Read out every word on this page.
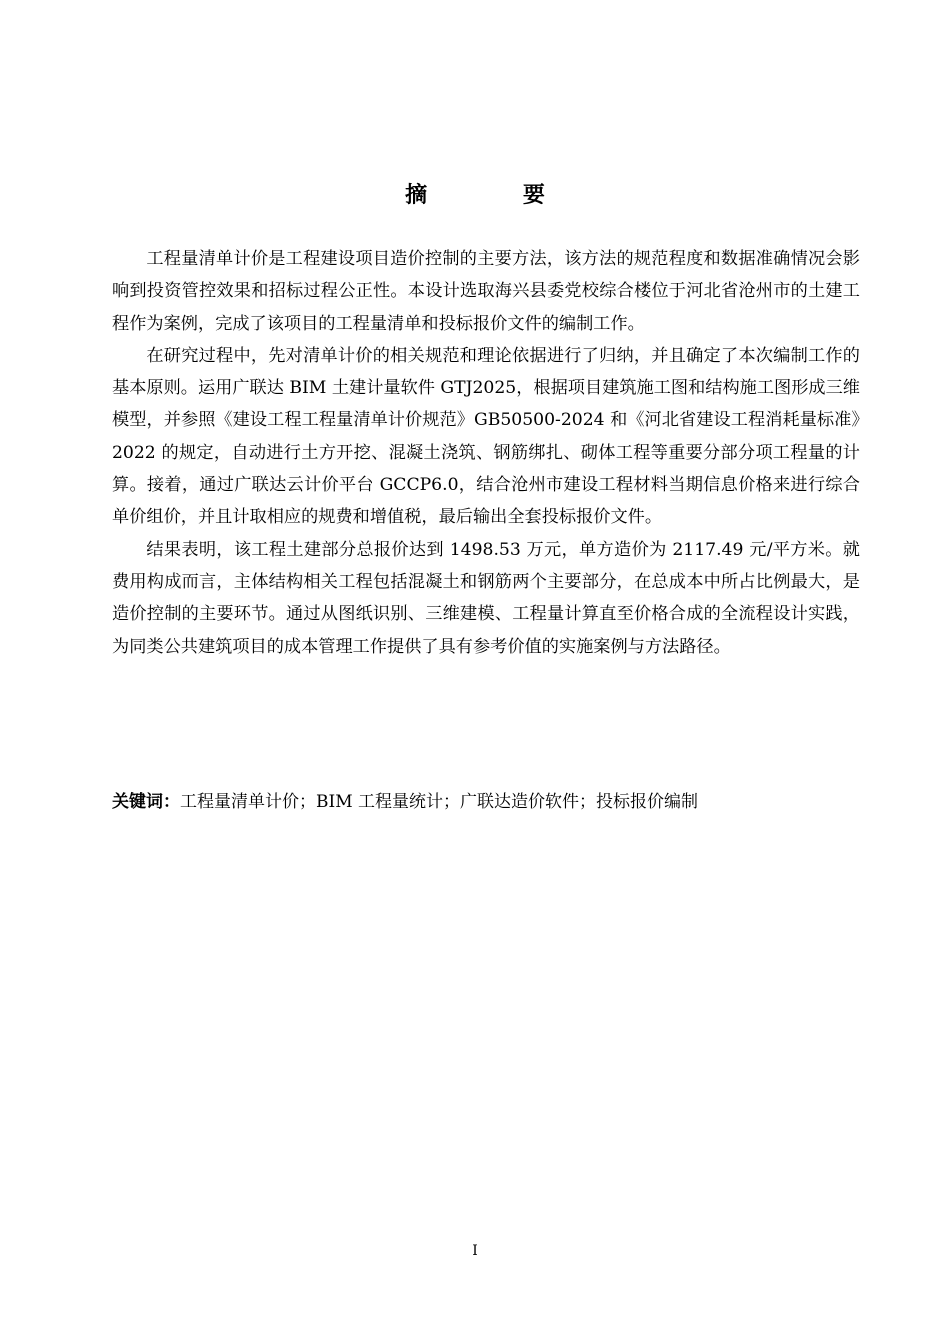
摘 要

工程量清单计价是工程建设项目造价控制的主要方法，该方法的规范程度和数据准确情况会影响到投资管控效果和招标过程公正性。本设计选取海兴县委党校综合楼位于河北省沧州市的土建工程作为案例，完成了该项目的工程量清单和投标报价文件的编制工作。

在研究过程中，先对清单计价的相关规范和理论依据进行了归纳，并且确定了本次编制工作的基本原则。运用广联达 BIM 土建计量软件 GTJ2025，根据项目建筑施工图和结构施工图形成三维模型，并参照《建设工程工程量清单计价规范》GB50500-2024 和《河北省建设工程消耗量标准》2022 的规定，自动进行土方开挖、混凝土浇筑、钢筋绑扎、砌体工程等重要分部分项工程量的计算。接着，通过广联达云计价平台 GCCP6.0，结合沧州市建设工程材料当期信息价格来进行综合单价组价，并且计取相应的规费和增值税，最后输出全套投标报价文件。

结果表明，该工程土建部分总报价达到 1498.53 万元，单方造价为 2117.49 元/平方米。就费用构成而言，主体结构相关工程包括混凝土和钢筋两个主要部分，在总成本中所占比例最大，是造价控制的主要环节。通过从图纸识别、三维建模、工程量计算直至价格合成的全流程设计实践，为同类公共建筑项目的成本管理工作提供了具有参考价值的实施案例与方法路径。

关键词：工程量清单计价；BIM 工程量统计；广联达造价软件；投标报价编制
I
